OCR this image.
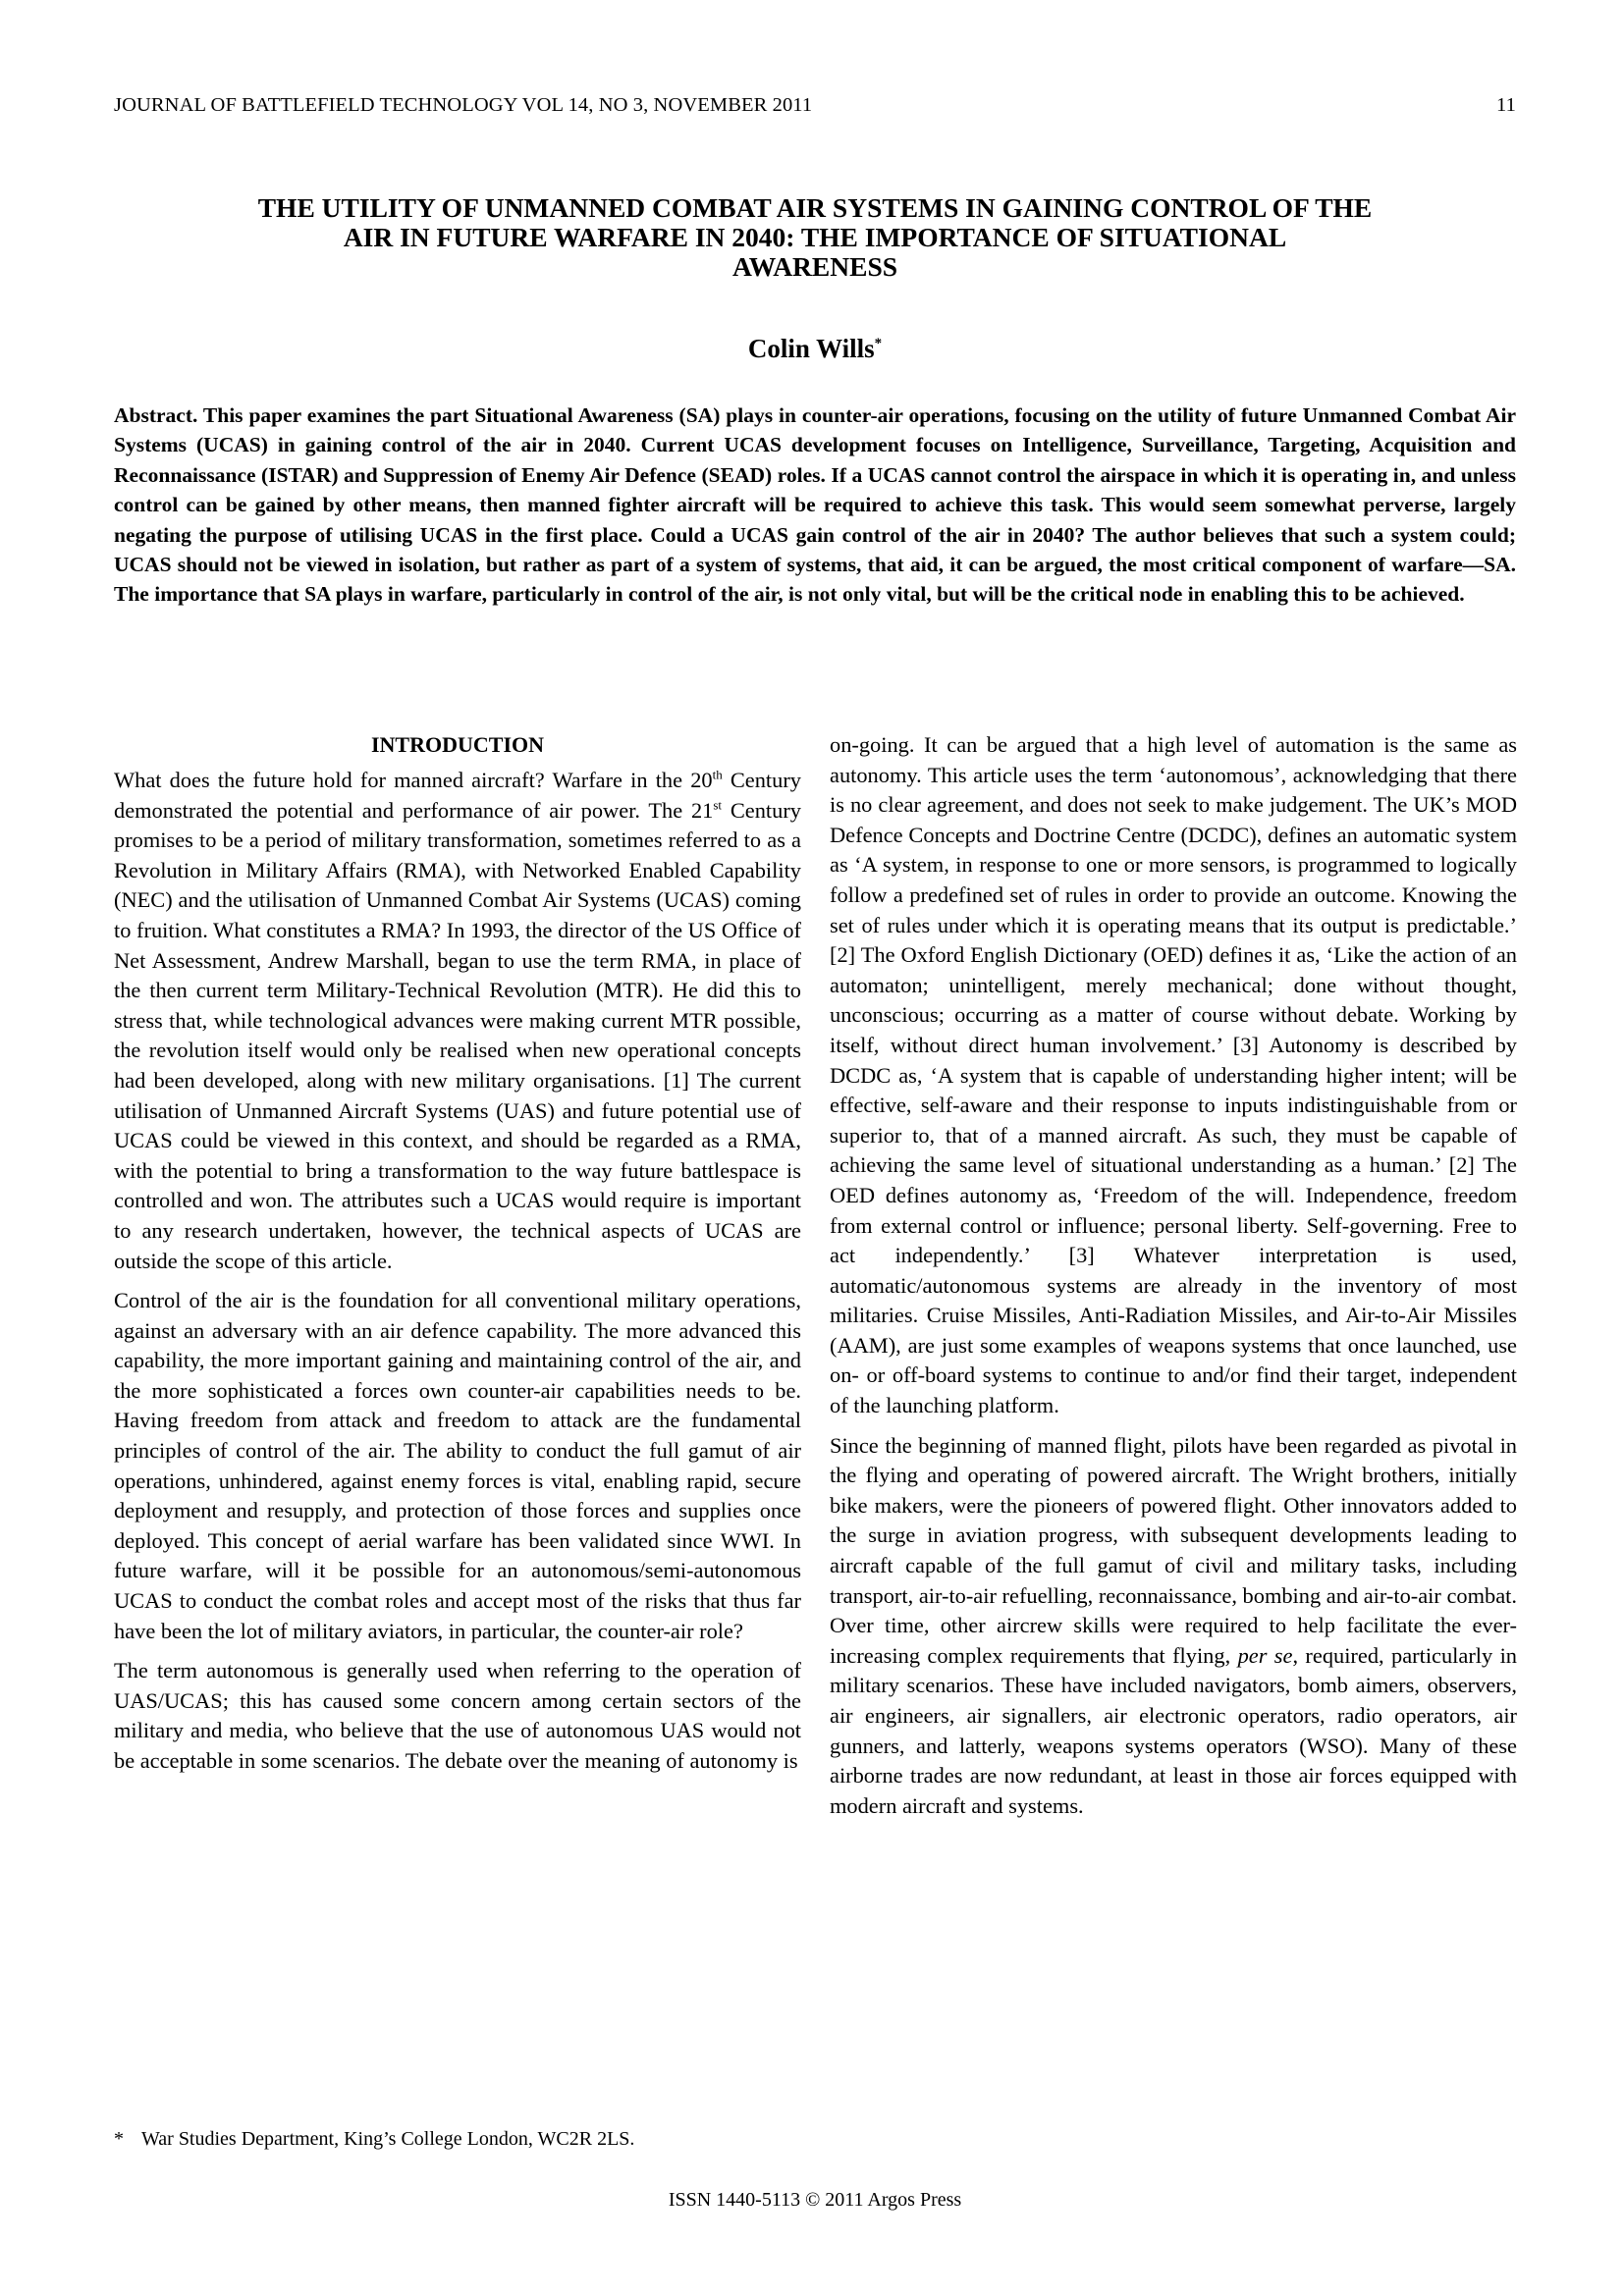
JOURNAL OF BATTLEFIELD TECHNOLOGY VOL 14, NO 3, NOVEMBER 2011	11
THE UTILITY OF UNMANNED COMBAT AIR SYSTEMS IN GAINING CONTROL OF THE
AIR IN FUTURE WARFARE IN 2040: THE IMPORTANCE OF SITUATIONAL
AWARENESS
Colin Wills*
Abstract. This paper examines the part Situational Awareness (SA) plays in counter-air operations, focusing on the utility of future Unmanned Combat Air Systems (UCAS) in gaining control of the air in 2040. Current UCAS development focuses on Intelligence, Surveillance, Targeting, Acquisition and Reconnaissance (ISTAR) and Suppression of Enemy Air Defence (SEAD) roles. If a UCAS cannot control the airspace in which it is operating in, and unless control can be gained by other means, then manned fighter aircraft will be required to achieve this task. This would seem somewhat perverse, largely negating the purpose of utilising UCAS in the first place. Could a UCAS gain control of the air in 2040? The author believes that such a system could; UCAS should not be viewed in isolation, but rather as part of a system of systems, that aid, it can be argued, the most critical component of warfare—SA. The importance that SA plays in warfare, particularly in control of the air, is not only vital, but will be the critical node in enabling this to be achieved.
INTRODUCTION

What does the future hold for manned aircraft? Warfare in the 20th Century demonstrated the potential and performance of air power. The 21st Century promises to be a period of military transformation, sometimes referred to as a Revolution in Military Affairs (RMA), with Networked Enabled Capability (NEC) and the utilisation of Unmanned Combat Air Systems (UCAS) coming to fruition. What constitutes a RMA? In 1993, the director of the US Office of Net Assessment, Andrew Marshall, began to use the term RMA, in place of the then current term Military-Technical Revolution (MTR). He did this to stress that, while technological advances were making current MTR possible, the revolution itself would only be realised when new operational concepts had been developed, along with new military organisations. [1] The current utilisation of Unmanned Aircraft Systems (UAS) and future potential use of UCAS could be viewed in this context, and should be regarded as a RMA, with the potential to bring a transformation to the way future battlespace is controlled and won. The attributes such a UCAS would require is important to any research undertaken, however, the technical aspects of UCAS are outside the scope of this article.

Control of the air is the foundation for all conventional military operations, against an adversary with an air defence capability. The more advanced this capability, the more important gaining and maintaining control of the air, and the more sophisticated a forces own counter-air capabilities needs to be. Having freedom from attack and freedom to attack are the fundamental principles of control of the air. The ability to conduct the full gamut of air operations, unhindered, against enemy forces is vital, enabling rapid, secure deployment and resupply, and protection of those forces and supplies once deployed. This concept of aerial warfare has been validated since WWI. In future warfare, will it be possible for an autonomous/semi-autonomous UCAS to conduct the combat roles and accept most of the risks that thus far have been the lot of military aviators, in particular, the counter-air role?

The term autonomous is generally used when referring to the operation of UAS/UCAS; this has caused some concern among certain sectors of the military and media, who believe that the use of autonomous UAS would not be acceptable in some scenarios. The debate over the meaning of autonomy is

on-going. It can be argued that a high level of automation is the same as autonomy. This article uses the term ‘autonomous’, acknowledging that there is no clear agreement, and does not seek to make judgement. The UK’s MOD Defence Concepts and Doctrine Centre (DCDC), defines an automatic system as ‘A system, in response to one or more sensors, is programmed to logically follow a predefined set of rules in order to provide an outcome. Knowing the set of rules under which it is operating means that its output is predictable.’ [2] The Oxford English Dictionary (OED) defines it as, ‘Like the action of an automaton; unintelligent, merely mechanical; done without thought, unconscious; occurring as a matter of course without debate. Working by itself, without direct human involvement.’ [3] Autonomy is described by DCDC as, ‘A system that is capable of understanding higher intent; will be effective, self-aware and their response to inputs indistinguishable from or superior to, that of a manned aircraft. As such, they must be capable of achieving the same level of situational understanding as a human.’ [2] The OED defines autonomy as, ‘Freedom of the will. Independence, freedom from external control or influence; personal liberty. Self-governing. Free to act independently.’ [3] Whatever interpretation is used, automatic/autonomous systems are already in the inventory of most militaries. Cruise Missiles, Anti-Radiation Missiles, and Air-to-Air Missiles (AAM), are just some examples of weapons systems that once launched, use on- or off-board systems to continue to and/or find their target, independent of the launching platform.

Since the beginning of manned flight, pilots have been regarded as pivotal in the flying and operating of powered aircraft. The Wright brothers, initially bike makers, were the pioneers of powered flight. Other innovators added to the surge in aviation progress, with subsequent developments leading to aircraft capable of the full gamut of civil and military tasks, including transport, air-to-air refuelling, reconnaissance, bombing and air-to-air combat. Over time, other aircrew skills were required to help facilitate the ever-increasing complex requirements that flying, per se, required, particularly in military scenarios. These have included navigators, bomb aimers, observers, air engineers, air signallers, air electronic operators, radio operators, air gunners, and latterly, weapons systems operators (WSO). Many of these airborne trades are now redundant, at least in those air forces equipped with modern aircraft and systems.

* War Studies Department, King’s College London, WC2R 2LS.
ISSN 1440-5113 © 2011 Argos Press
